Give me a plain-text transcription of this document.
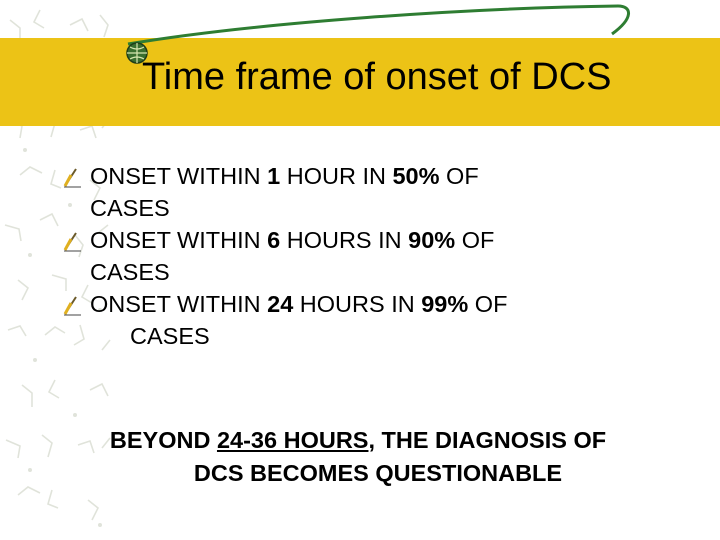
Time frame of onset of DCS
ONSET WITHIN 1 HOUR IN 50% OF
CASES
ONSET WITHIN 6 HOURS IN 90% OF
CASES
ONSET WITHIN 24 HOURS IN 99% OF
CASES
BEYOND 24-36 HOURS, THE DIAGNOSIS OF
DCS BECOMES QUESTIONABLE
